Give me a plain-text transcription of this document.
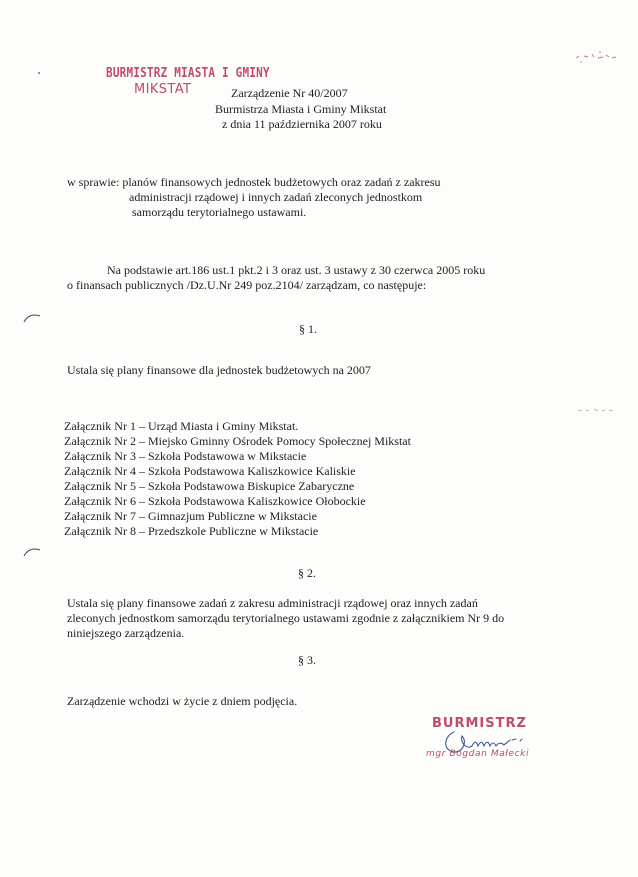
BURMISTRZ MIASTA I GMINY
MIKSTAT	Zarządzenie Nr 40/2007
Burmistrza Miasta i Gminy Mikstat
z dnia 11 października 2007 roku
w sprawie: planów finansowych jednostek budżetowych oraz zadań z zakresu
administracji rządowej i innych zadań zleconych jednostkom
samorządu terytorialnego ustawami.
Na podstawie art.186 ust.1 pkt.2 i 3 oraz ust. 3 ustawy z 30 czerwca 2005 roku
o finansach publicznych /Dz.U.Nr 249 poz.2104/ zarządzam, co następuje:
§ 1.
Ustala się plany finansowe dla jednostek budżetowych na 2007
Załącznik Nr 1 – Urząd Miasta i Gminy Mikstat.
Załącznik Nr 2 – Miejsko Gminny Ośrodek Pomocy Społecznej Mikstat
Załącznik Nr 3 – Szkoła Podstawowa w Mikstacie
Załącznik Nr 4 – Szkoła Podstawowa Kaliszkowice Kaliskie
Załącznik Nr 5 – Szkoła Podstawowa Biskupice Zabaryczne
Załącznik Nr 6 – Szkoła Podstawowa Kaliszkowice Ołobockie
Załącznik Nr 7 – Gimnazjum Publiczne w Mikstacie
Załącznik Nr 8 – Przedszkole Publiczne w Mikstacie
§ 2.
Ustala się plany finansowe zadań z zakresu administracji rządowej oraz innych zadań
zleconych jednostkom samorządu terytorialnego ustawami zgodnie z załącznikiem Nr 9 do
niniejszego zarządzenia.
§ 3.
Zarządzenie wchodzi w życie z dniem podjęcia.
BURMISTRZ
mgr Bogdan Małecki
